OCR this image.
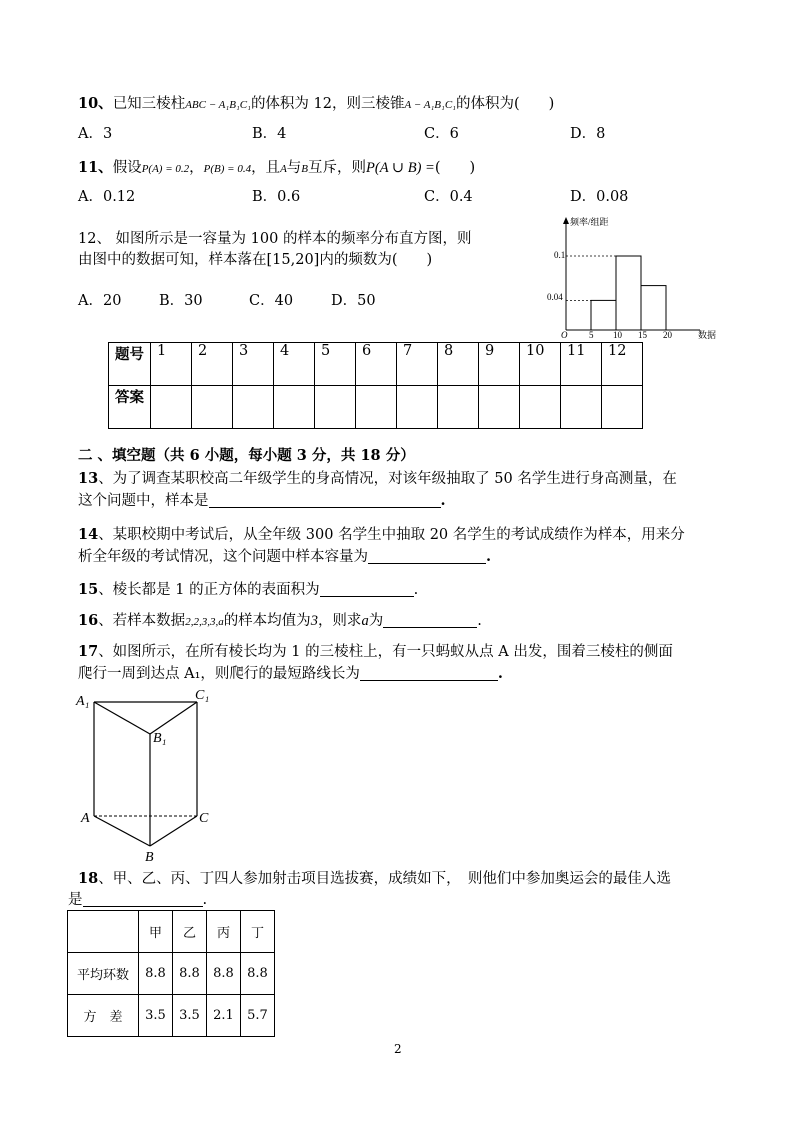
10、已知三棱柱ABC − A₁B₁C₁的体积为 12，则三棱锥A − A₁B₁C₁的体积为(　　)
A．3	B．4	C．6	D．8
11、假设P(A) = 0.2，P(B) = 0.4，且A与B互斥，则P(A ∪ B) =(　　)
A．0.12	B．0.6	C．0.4	D．0.08
12、 如图所示是一容量为 100 的样本的频率分布直方图，则
由图中的数据可知，样本落在[15,20]内的频数为(　　)
A．20	B．30	C．40	D．50
频率/组距
数据
0.1
0.04
O 5 10 15 20
题号	1	2	3	4	5	6	7	8	9	10	11	12
答案												
二 、填空题（共 6 小题，每小题 3 分，共 18 分）
13、为了调查某职校高二年级学生的身高情况，对该年级抽取了 50 名学生进行身高测量，在
这个问题中，样本是	.
14、某职校期中考试后，从全年级 300 名学生中抽取 20 名学生的考试成绩作为样本，用来分
析全年级的考试情况，这个问题中样本容量为	.
15、棱长都是 1 的正方体的表面积为	.
16、若样本数据2,2,3,3,a的样本均值为3，则求a为	.
17、如图所示，在所有棱长均为 1 的三棱柱上，有一只蚂蚁从点 A 出发，围着三棱柱的侧面
爬行一周到达点 A₁，则爬行的最短路线长为	.
A₁	C₁
B₁
A	C
B
18、甲、乙、丙、丁四人参加射击项目选拔赛，成绩如下，　则他们中参加奥运会的最佳人选
是	.
	甲	乙	丙	丁
平均环数	8.8	8.8	8.8	8.8
方　差	3.5	3.5	2.1	5.7
2
